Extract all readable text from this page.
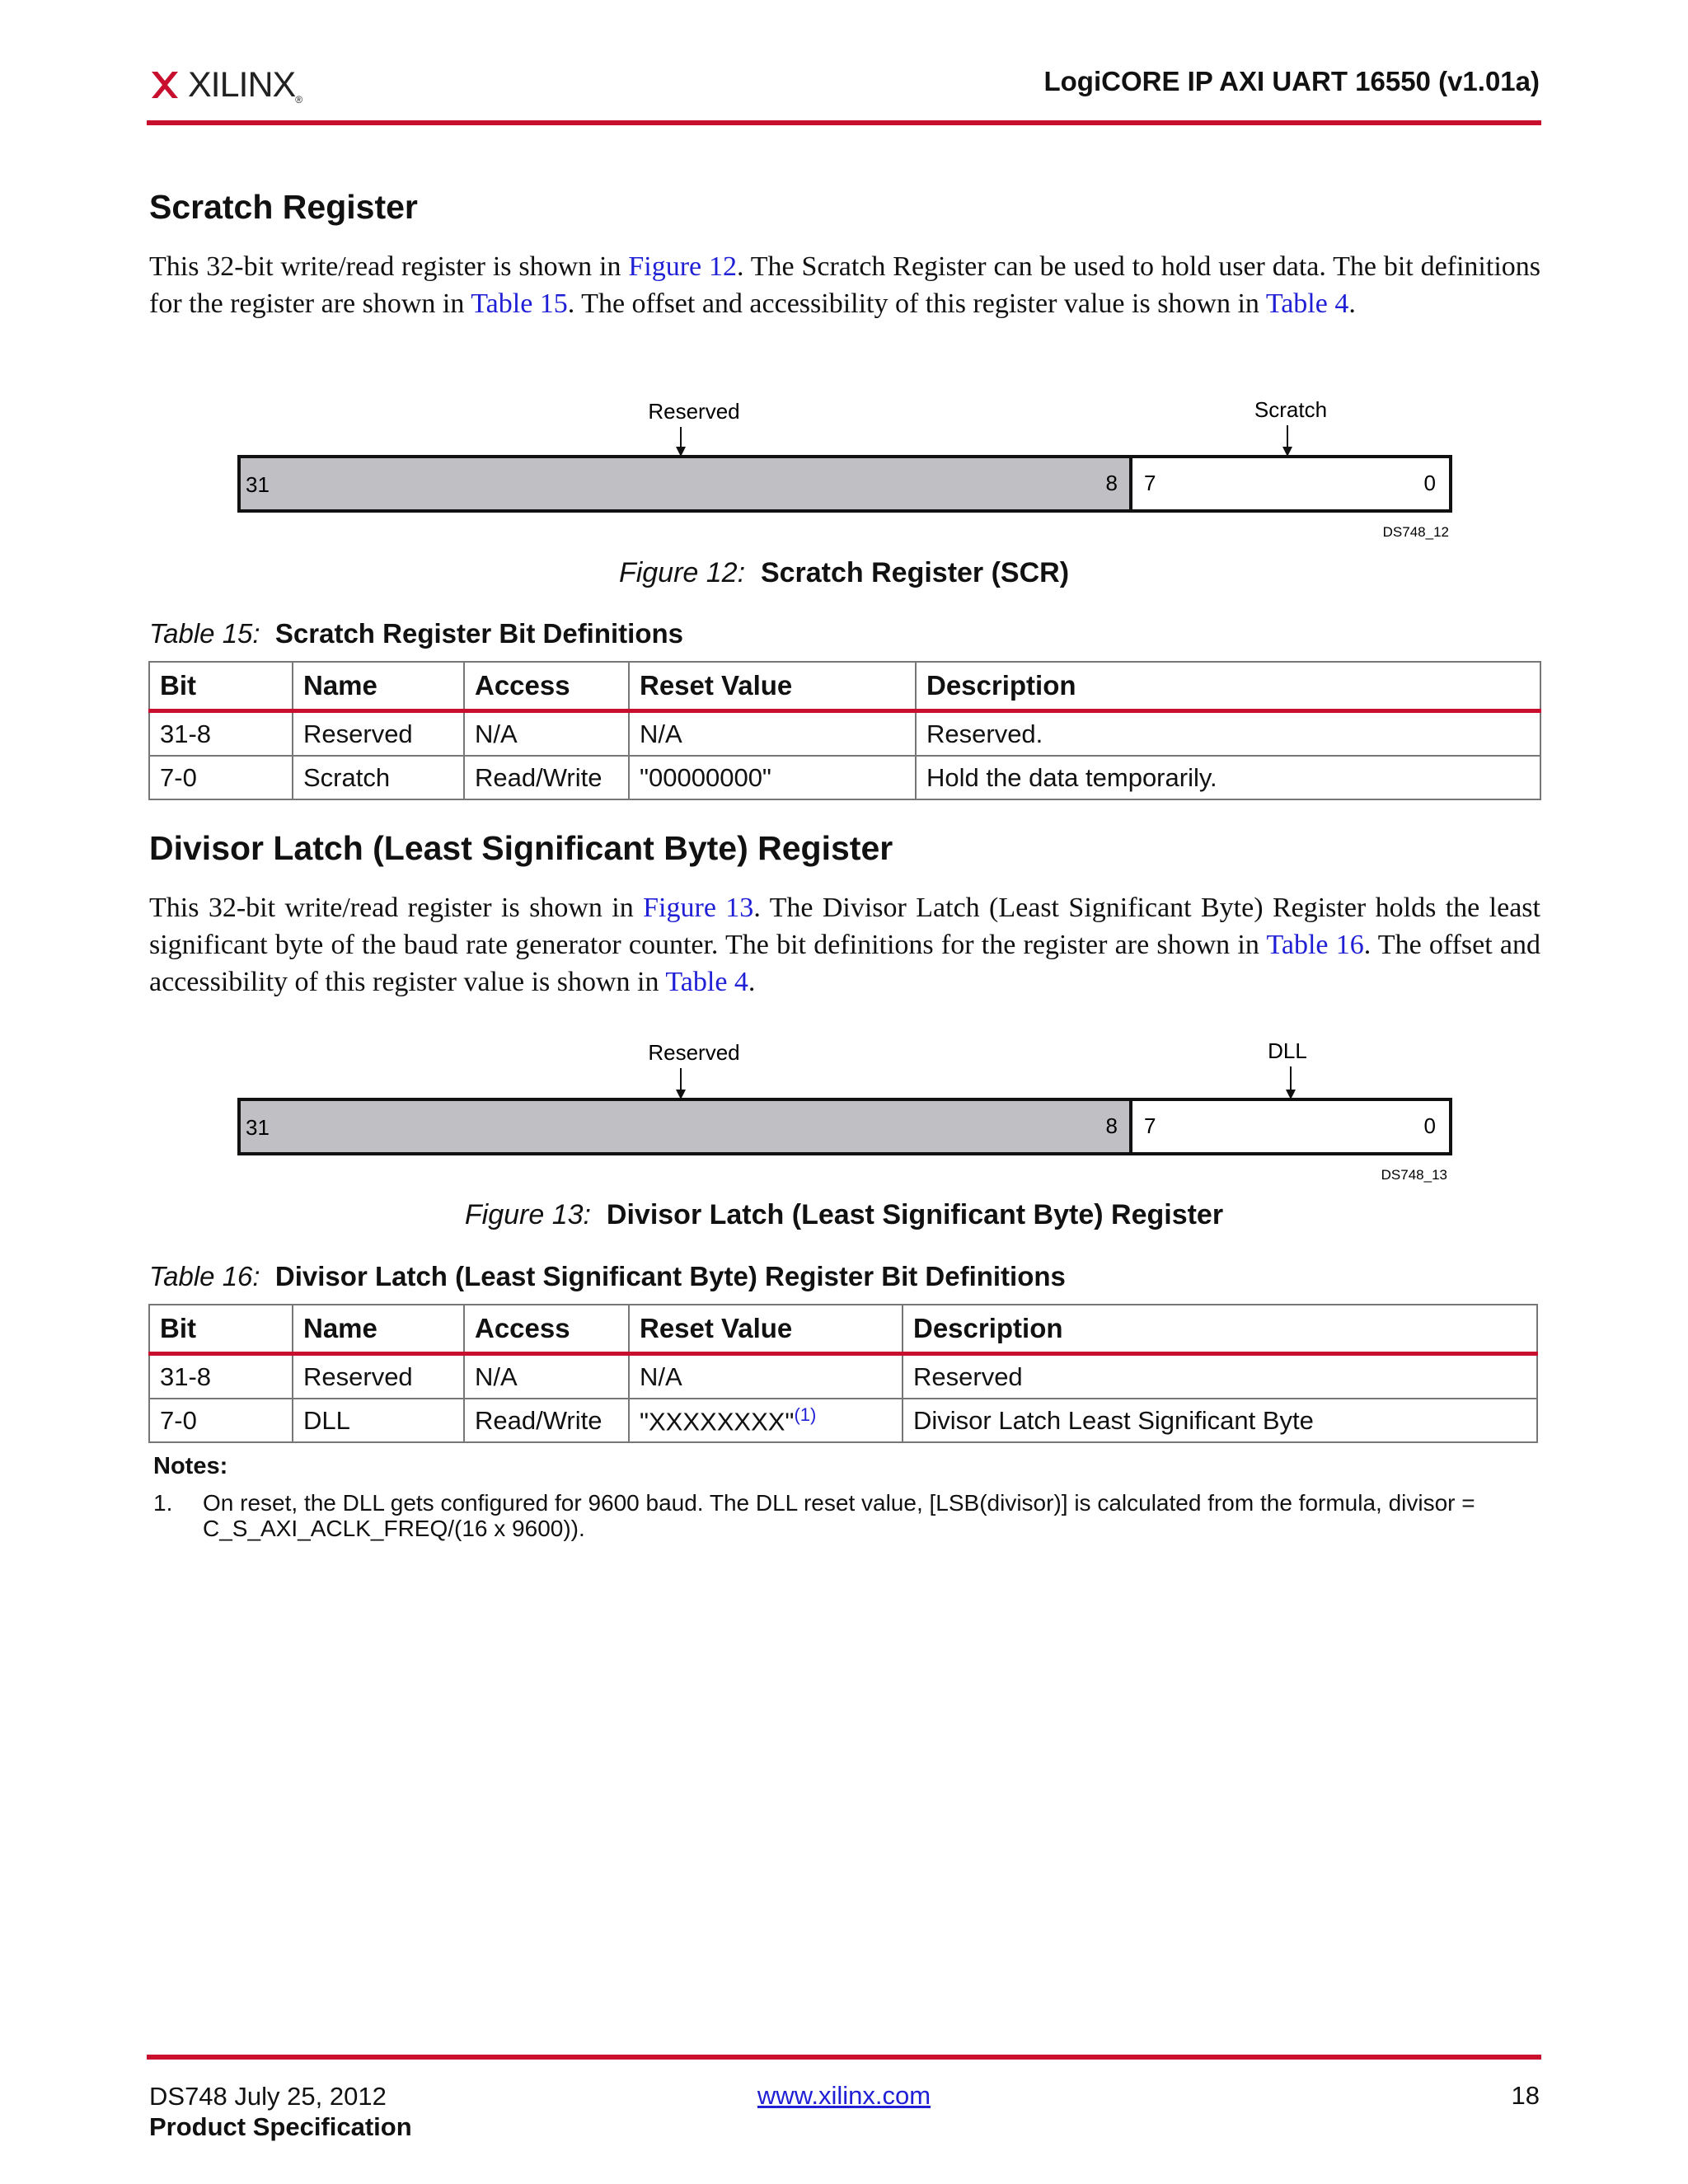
XILINX®
LogiCORE IP AXI UART 16550 (v1.01a)
Scratch Register

This 32-bit write/read register is shown in Figure 12. The Scratch Register can be used to hold user data. The bit definitions for the register are shown in Table 15. The offset and accessibility of this register value is shown in Table 4.

Reserved	Scratch
31	8 7	0
DS748_12
Figure 12: Scratch Register (SCR)
Table 15: Scratch Register Bit Definitions
Bit	Name	Access	Reset Value	Description
31-8	Reserved	N/A	N/A	Reserved.
7-0	Scratch	Read/Write	"00000000"	Hold the data temporarily.
Divisor Latch (Least Significant Byte) Register

This 32-bit write/read register is shown in Figure 13. The Divisor Latch (Least Significant Byte) Register holds the least significant byte of the baud rate generator counter. The bit definitions for the register are shown in Table 16. The offset and accessibility of this register value is shown in Table 4.

Reserved	DLL
31	8 7	0
DS748_13
Figure 13: Divisor Latch (Least Significant Byte) Register
Table 16: Divisor Latch (Least Significant Byte) Register Bit Definitions
Bit	Name	Access	Reset Value	Description
31-8	Reserved	N/A	N/A	Reserved
7-0	DLL	Read/Write	"XXXXXXXX"$^{(1)}$	Divisor Latch Least Significant Byte
Notes:
1. On reset, the DLL gets configured for 9600 baud. The DLL reset value, [LSB(divisor)] is calculated from the formula, divisor = C_S_AXI_ACLK_FREQ/(16 x 9600)).

DS748 July 25, 2012
Product Specification
www.xilinx.com	18
